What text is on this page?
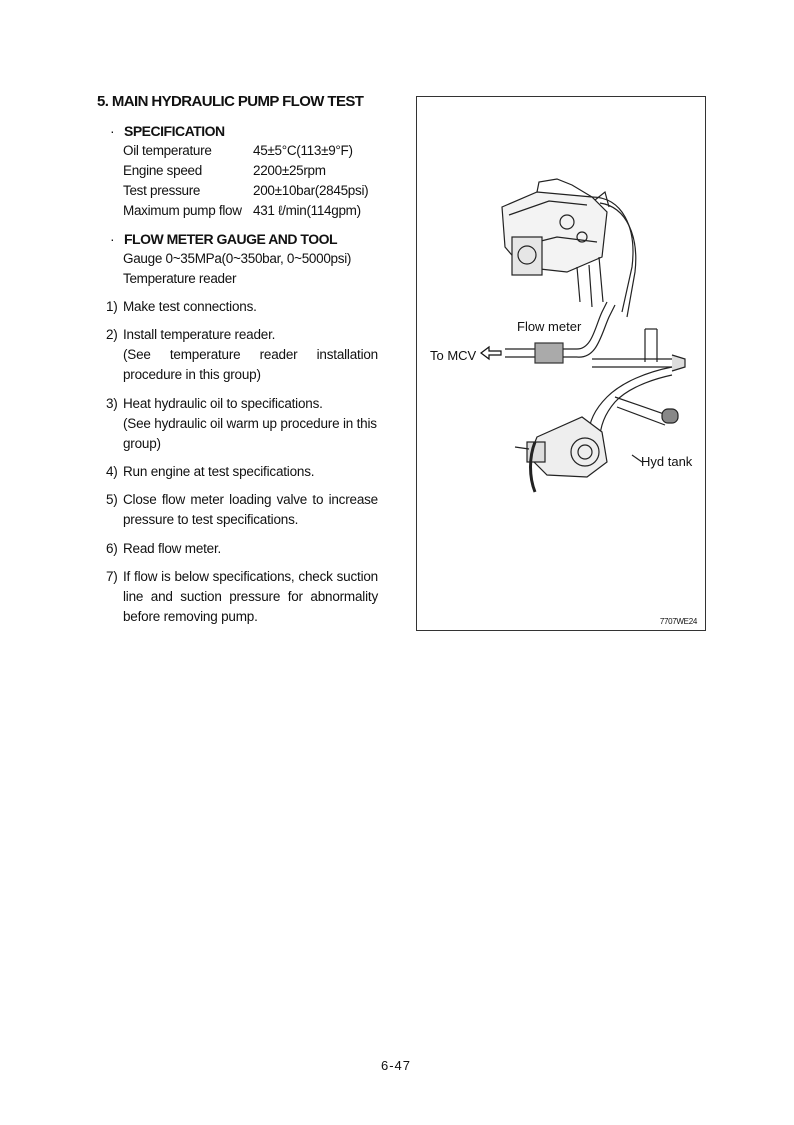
5. MAIN HYDRAULIC PUMP FLOW TEST
· SPECIFICATION
Oil temperature	45±5°C(113±9°F)
Engine speed	2200±25rpm
Test pressure	200±10bar(2845psi)
Maximum pump flow 431 ℓ/min(114gpm)
· FLOW METER GAUGE AND TOOL
Gauge 0~35MPa(0~350bar, 0~5000psi)
Temperature reader
1) Make test connections.
2) Install temperature reader.
(See temperature reader installation
procedure in this group)
3) Heat hydraulic oil to specifications.
(See hydraulic oil warm up procedure in this
group)
4) Run engine at test specifications.
5) Close flow meter loading valve to increase
pressure to test specifications.
6) Read flow meter.
7) If flow is below specifications, check suction
line and suction pressure for abnormality
before removing pump.
Flow meter
To MCV
Hyd tank
7707WE24
6-47
